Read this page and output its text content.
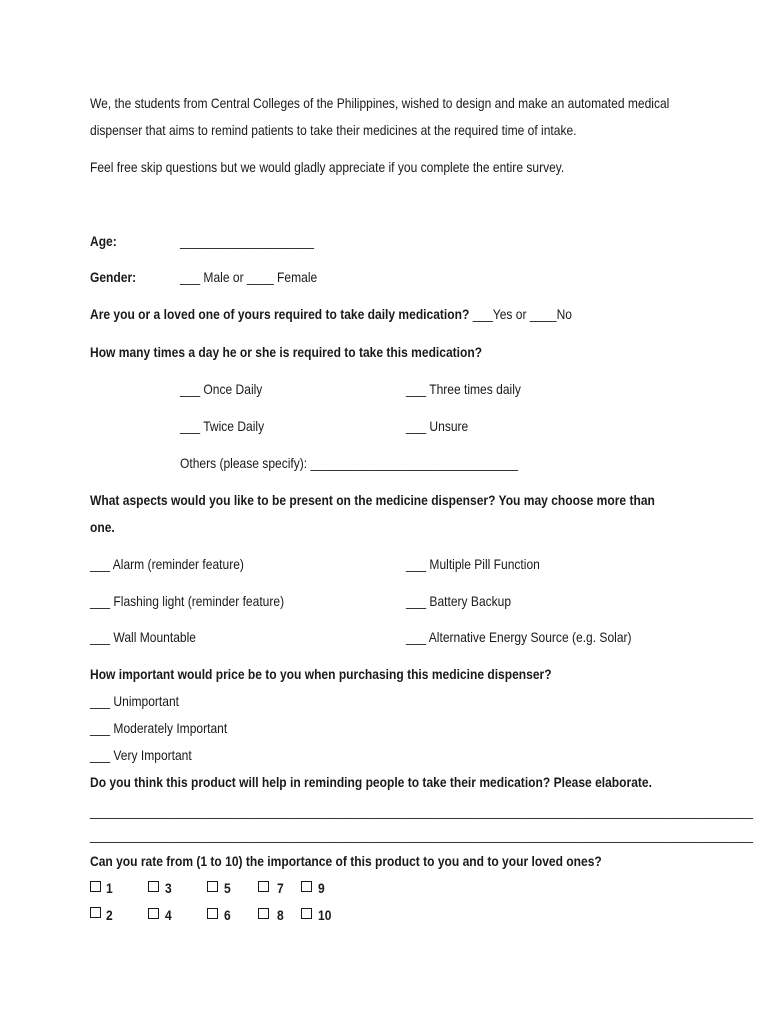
We, the students from Central Colleges of the Philippines, wished to design and make an automated medical
dispenser that aims to remind patients to take their medicines at the required time of intake.
Feel free skip questions but we would gladly appreciate if you complete the entire survey.
Age:	____________________
Gender:	___ Male or ____ Female
Are you or a loved one of yours required to take daily medication? ___Yes or ____No
How many times a day he or she is required to take this medication?
___ Once Daily	___ Three times daily
___ Twice Daily	___ Unsure
Others (please specify): _______________________________
What aspects would you like to be present on the medicine dispenser? You may choose more than
one.
___ Alarm (reminder feature)	___ Multiple Pill Function
___ Flashing light (reminder feature)	___ Battery Backup
___ Wall Mountable	___ Alternative Energy Source (e.g. Solar)
How important would price be to you when purchasing this medicine dispenser?
___ Unimportant
___ Moderately Important
___ Very Important
Do you think this product will help in reminding people to take their medication? Please elaborate.
___________________________________________________________________________________________________
___________________________________________________________________________________________________
Can you rate from (1 to 10) the importance of this product to you and to your loved ones?
1	3	5	7 9
2	4	6	8 10
